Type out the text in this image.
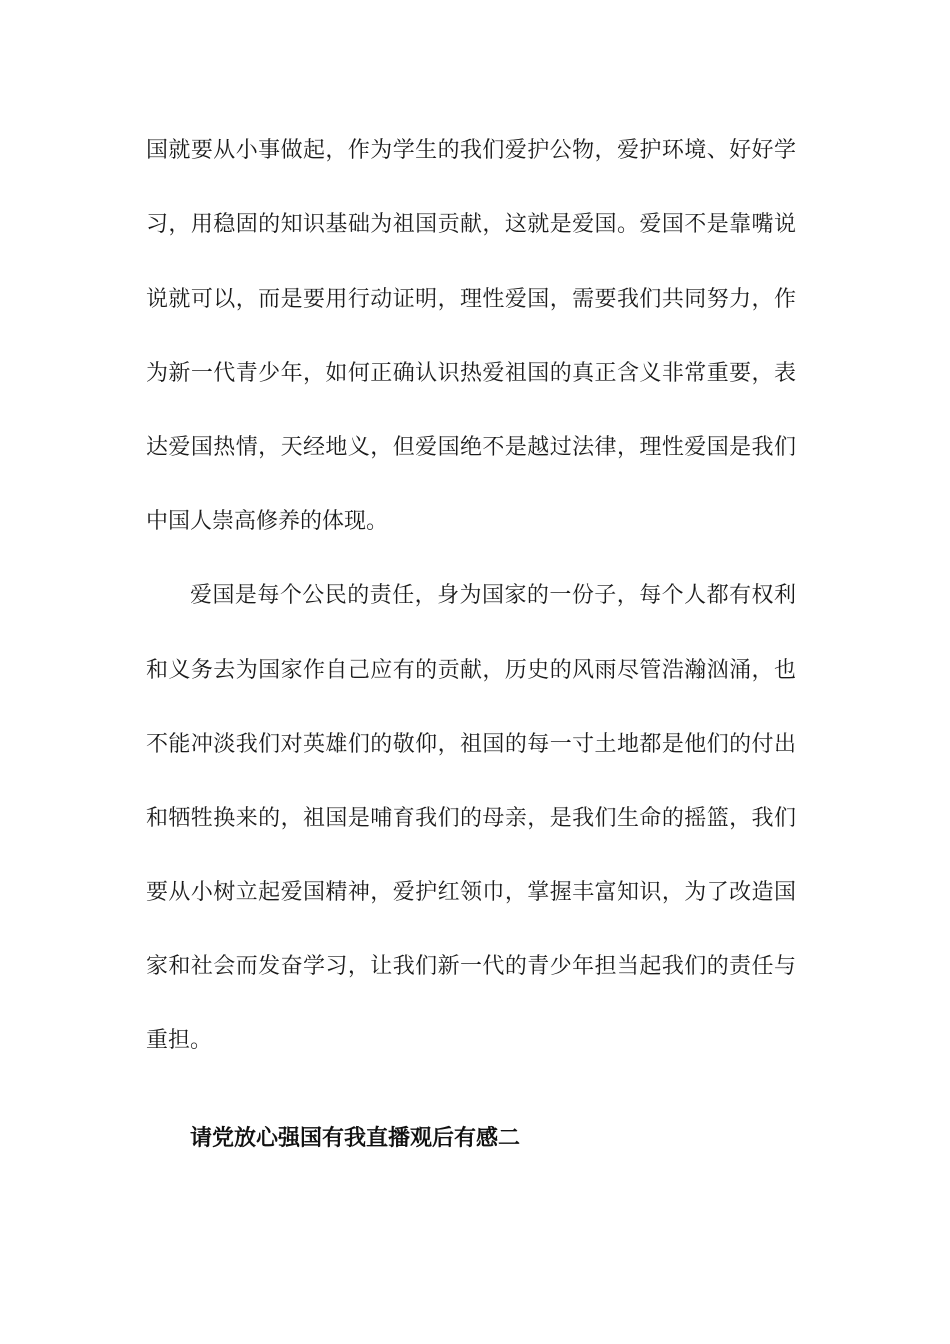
国就要从小事做起，作为学生的我们爱护公物，爱护环境、好好学
习，用稳固的知识基础为祖国贡献，这就是爱国。爱国不是靠嘴说
说就可以，而是要用行动证明，理性爱国，需要我们共同努力，作
为新一代青少年，如何正确认识热爱祖国的真正含义非常重要，表
达爱国热情，天经地义，但爱国绝不是越过法律，理性爱国是我们
中国人崇高修养的体现。
爱国是每个公民的责任，身为国家的一份子，每个人都有权利
和义务去为国家作自己应有的贡献，历史的风雨尽管浩瀚汹涌，也
不能冲淡我们对英雄们的敬仰，祖国的每一寸土地都是他们的付出
和牺牲换来的，祖国是哺育我们的母亲，是我们生命的摇篮，我们
要从小树立起爱国精神，爱护红领巾，掌握丰富知识，为了改造国
家和社会而发奋学习，让我们新一代的青少年担当起我们的责任与
重担。
请党放心强国有我直播观后有感二
